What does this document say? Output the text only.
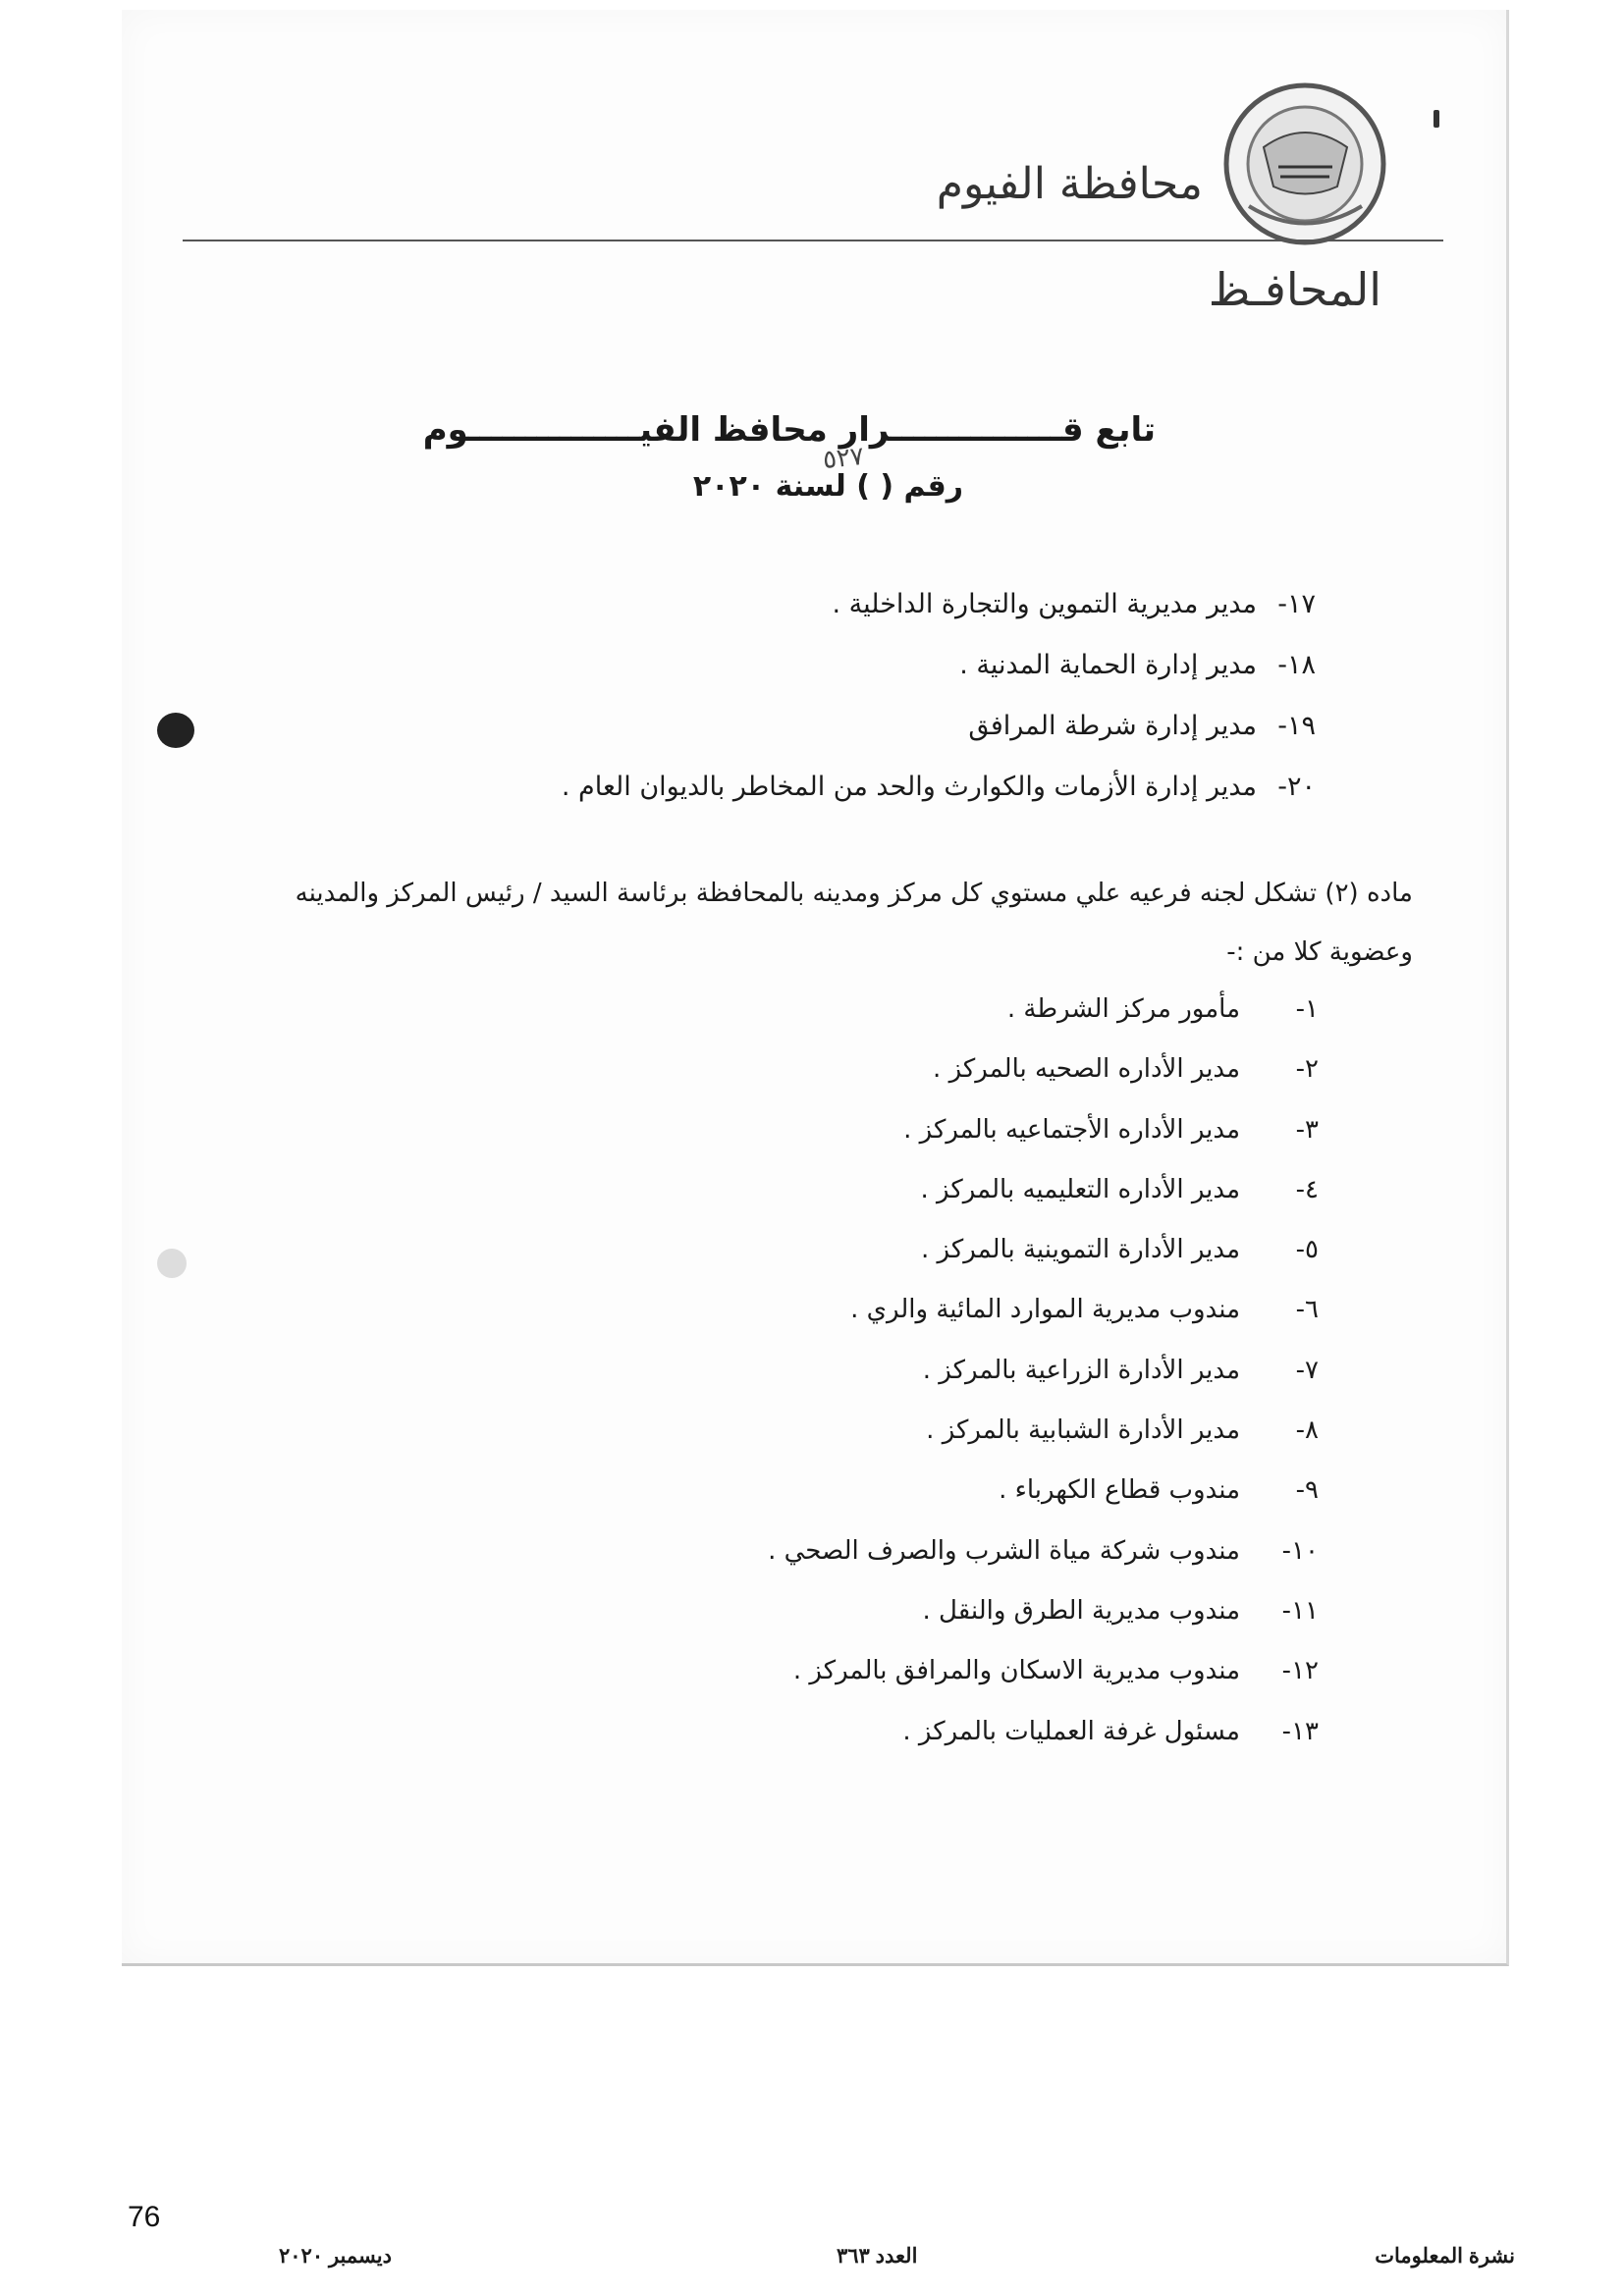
محافظة الفيوم
المحافـظ
تابع قـــــــــــــــرار محافظ الفيـــــــــــــــوم
رقم ( ) لسنة ٢٠٢٠
٥٢٧
١٧-مدير مديرية التموين والتجارة الداخلية .
١٨-مدير إدارة الحماية المدنية .
١٩-مدير إدارة شرطة المرافق
٢٠-مدير إدارة الأزمات والكوارث والحد من المخاطر بالديوان العام .
ماده (٢) تشكل لجنه فرعيه علي مستوي كل مركز ومدينه بالمحافظة برئاسة السيد / رئيس المركز والمدينه وعضوية كلا من :-
١-مأمور مركز الشرطة .
٢-مدير الأداره الصحيه بالمركز .
٣-مدير الأداره الأجتماعيه بالمركز .
٤-مدير الأداره التعليميه بالمركز .
٥-مدير الأدارة التموينية بالمركز .
٦-مندوب مديرية الموارد المائية والري .
٧-مدير الأدارة الزراعية بالمركز .
٨-مدير الأدارة الشبابية بالمركز .
٩-مندوب قطاع الكهرباء .
١٠-مندوب شركة مياة الشرب والصرف الصحي .
١١-مندوب مديرية الطرق والنقل .
١٢-مندوب مديرية الاسكان والمرافق بالمركز .
١٣-مسئول غرفة العمليات بالمركز .
76
نشرة المعلومات
العدد ٣٦٣
ديسمبر ٢٠٢٠
